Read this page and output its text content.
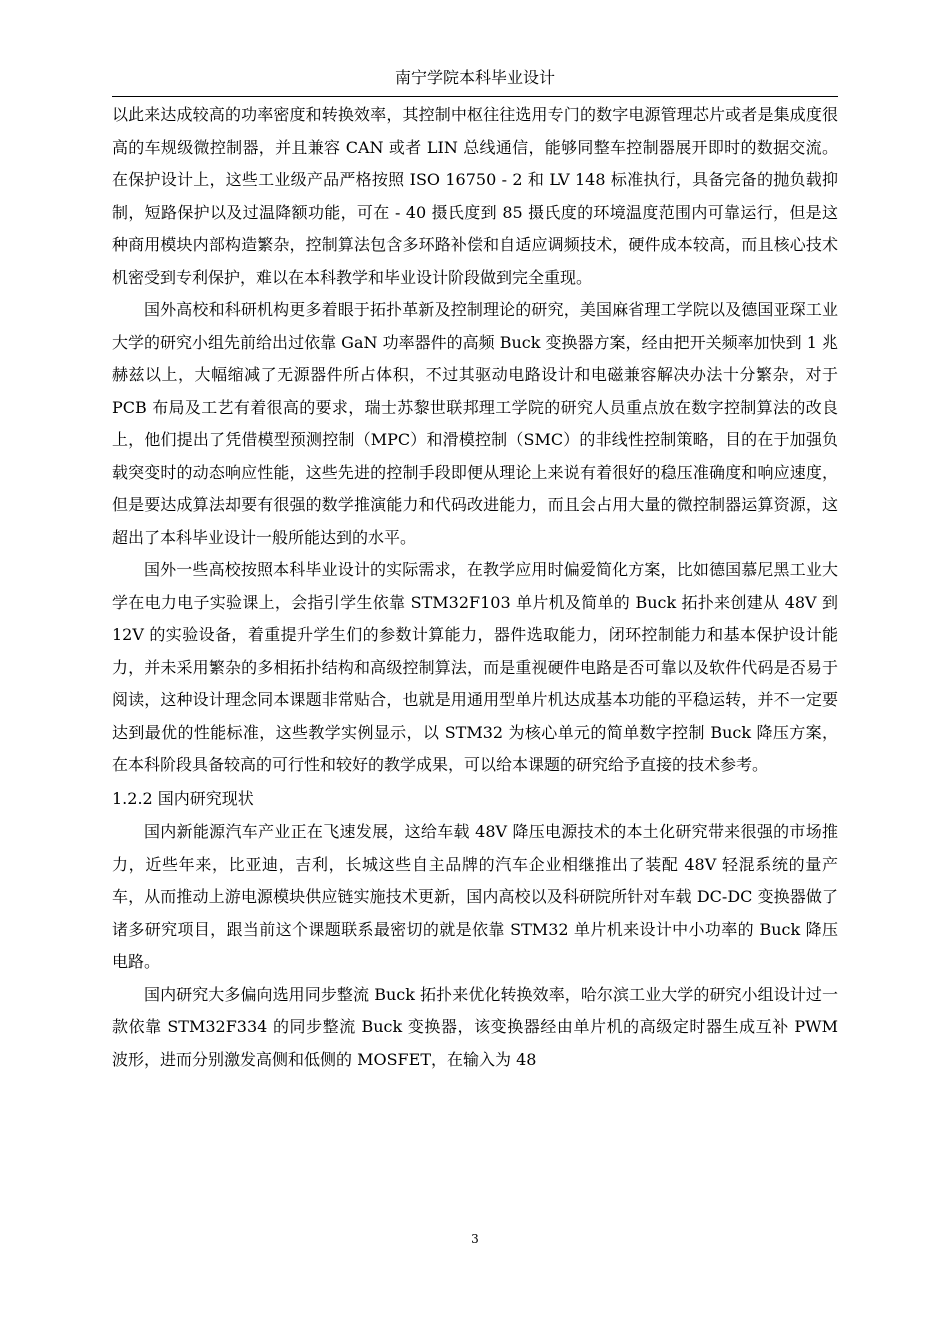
南宁学院本科毕业设计

以此来达成较高的功率密度和转换效率，其控制中枢往往选用专门的数字电源管理芯片或者是集成度很高的车规级微控制器，并且兼容 CAN 或者 LIN 总线通信，能够同整车控制器展开即时的数据交流。在保护设计上，这些工业级产品严格按照 ISO 16750 - 2 和 LV 148 标准执行，具备完备的抛负载抑制，短路保护以及过温降额功能，可在 - 40 摄氏度到 85 摄氏度的环境温度范围内可靠运行，但是这种商用模块内部构造繁杂，控制算法包含多环路补偿和自适应调频技术，硬件成本较高，而且核心技术机密受到专利保护，难以在本科教学和毕业设计阶段做到完全重现。

国外高校和科研机构更多着眼于拓扑革新及控制理论的研究，美国麻省理工学院以及德国亚琛工业大学的研究小组先前给出过依靠 GaN 功率器件的高频 Buck 变换器方案，经由把开关频率加快到 1 兆赫兹以上，大幅缩减了无源器件所占体积，不过其驱动电路设计和电磁兼容解决办法十分繁杂，对于 PCB 布局及工艺有着很高的要求，瑞士苏黎世联邦理工学院的研究人员重点放在数字控制算法的改良上，他们提出了凭借模型预测控制（MPC）和滑模控制（SMC）的非线性控制策略，目的在于加强负载突变时的动态响应性能，这些先进的控制手段即便从理论上来说有着很好的稳压准确度和响应速度，但是要达成算法却要有很强的数学推演能力和代码改进能力，而且会占用大量的微控制器运算资源，这超出了本科毕业设计一般所能达到的水平。

国外一些高校按照本科毕业设计的实际需求，在教学应用时偏爱简化方案，比如德国慕尼黑工业大学在电力电子实验课上，会指引学生依靠 STM32F103 单片机及简单的 Buck 拓扑来创建从 48V 到 12V 的实验设备，着重提升学生们的参数计算能力，器件选取能力，闭环控制能力和基本保护设计能力，并未采用繁杂的多相拓扑结构和高级控制算法，而是重视硬件电路是否可靠以及软件代码是否易于阅读，这种设计理念同本课题非常贴合，也就是用通用型单片机达成基本功能的平稳运转，并不一定要达到最优的性能标准，这些教学实例显示，以 STM32 为核心单元的简单数字控制 Buck 降压方案，在本科阶段具备较高的可行性和较好的教学成果，可以给本课题的研究给予直接的技术参考。

1.2.2 国内研究现状

国内新能源汽车产业正在飞速发展，这给车载 48V 降压电源技术的本土化研究带来很强的市场推力，近些年来，比亚迪，吉利，长城这些自主品牌的汽车企业相继推出了装配 48V 轻混系统的量产车，从而推动上游电源模块供应链实施技术更新，国内高校以及科研院所针对车载 DC-DC 变换器做了诸多研究项目，跟当前这个课题联系最密切的就是依靠 STM32 单片机来设计中小功率的 Buck 降压电路。

国内研究大多偏向选用同步整流 Buck 拓扑来优化转换效率，哈尔滨工业大学的研究小组设计过一款依靠 STM32F334 的同步整流 Buck 变换器，该变换器经由单片机的高级定时器生成互补 PWM 波形，进而分别激发高侧和低侧的 MOSFET，在输入为 48

3
